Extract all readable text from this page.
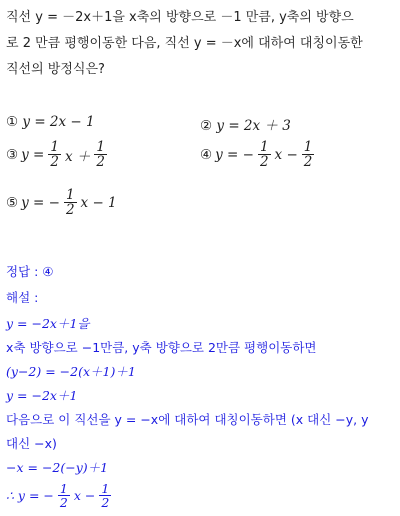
직선 y = －2x＋1을 x축의 방향으로 －1 만큼, y축의 방향으
로 2 만큼 평행이동한 다음, 직선 y = －x에 대하여 대칭이동한
직선의 방정식은?
① y = 2x − 1	② y = 2x ＋ 3
③ $y = \frac{1}{2}$ $x + \frac{1}{2}$	④ y = − $\frac{1}{2}$ $x - \frac{1}{2}$
⑤ y = − $\frac{1}{2}$ x − 1
정답 : ④
해설 :
y = −2x＋1을
x축 방향으로 −1만큼, y축 방향으로 2만큼 평행이동하면
(y−2) = −2(x＋1)＋1
y = −2x＋1
다음으로 이 직선을 y = −x에 대하여 대칭이동하면 (x 대신 −y, y
대신 −x)
−x = −2(−y)＋1
∴ y = − $\frac{1}{2}$ $x - \frac{1}{2}$
